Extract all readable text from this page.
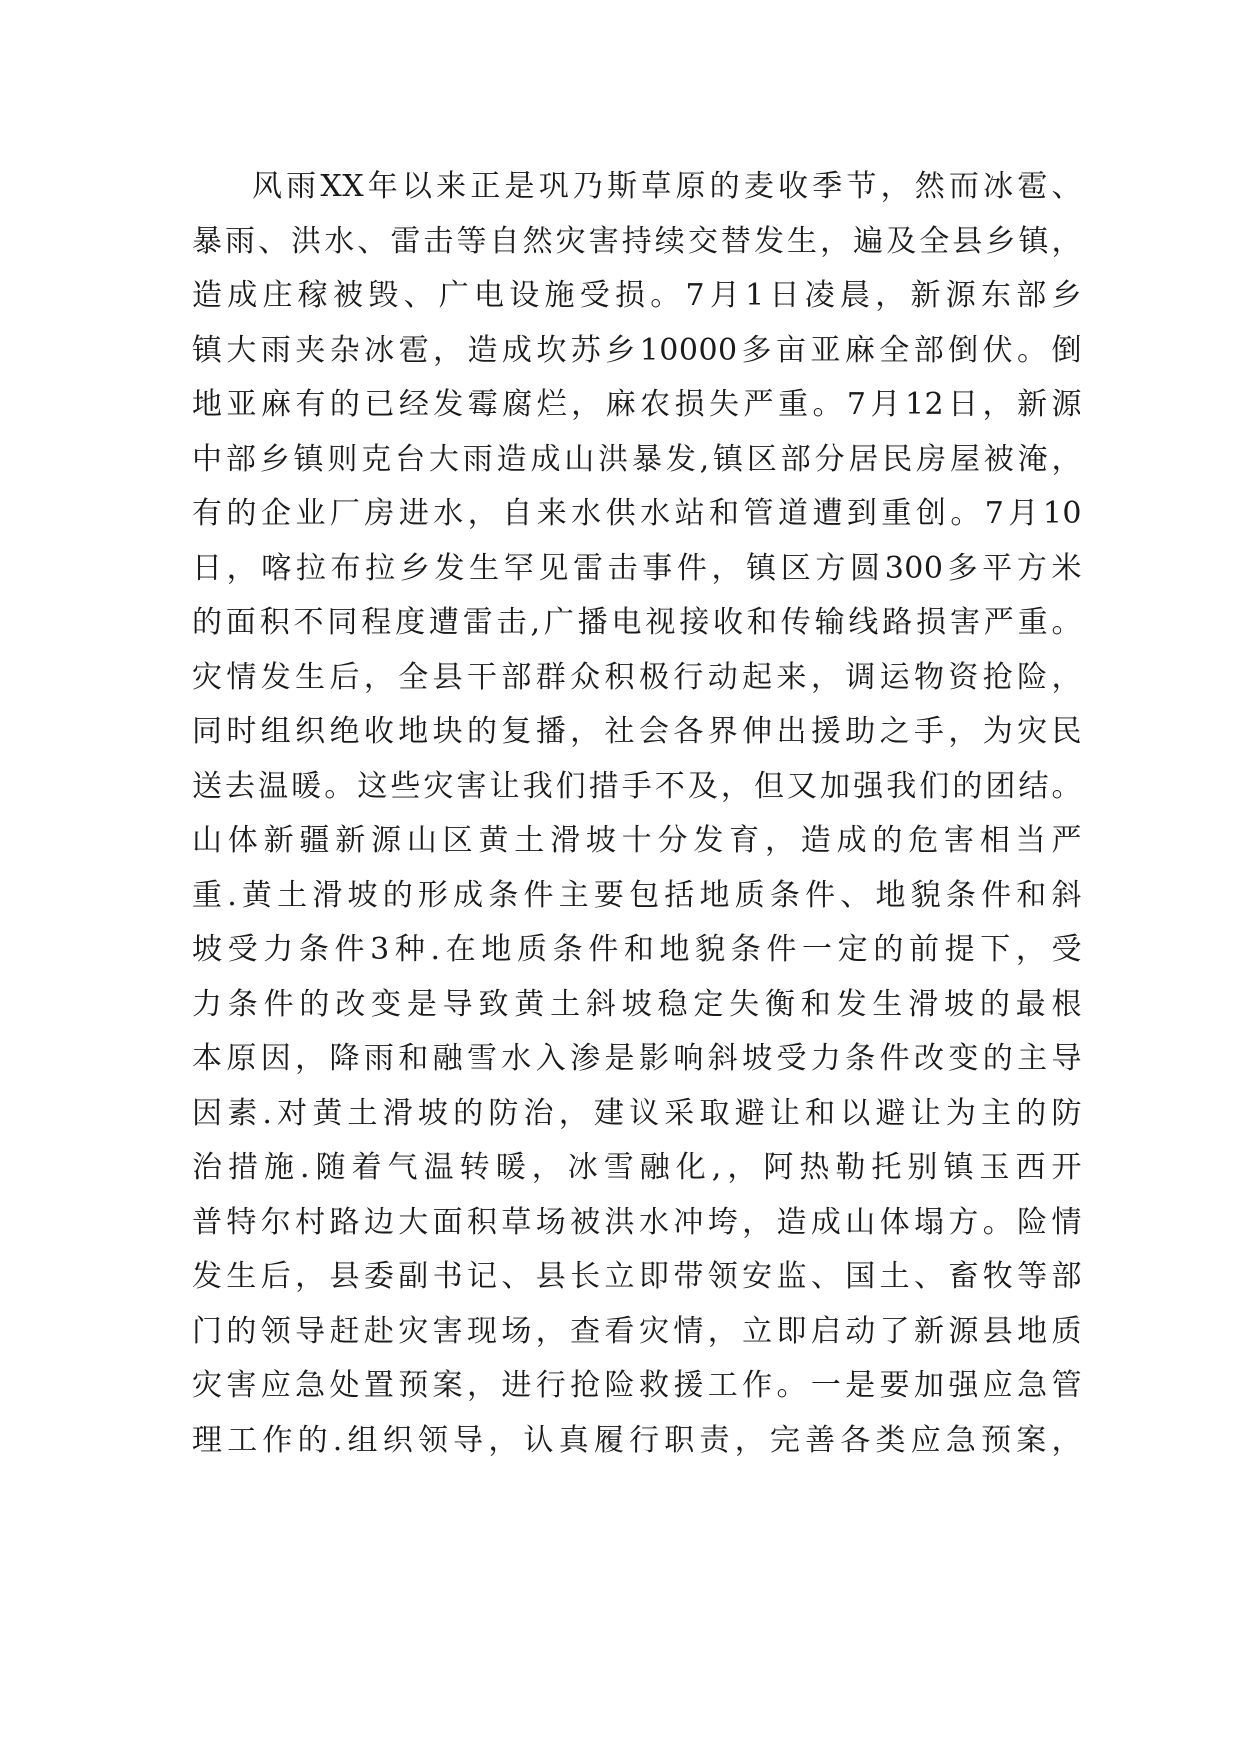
风雨XX年以来正是巩乃斯草原的麦收季节，然而冰雹、
暴雨、洪水、雷击等自然灾害持续交替发生，遍及全县乡镇，
造成庄稼被毁、广电设施受损。7月1日凌晨，新源东部乡
镇大雨夹杂冰雹，造成坎苏乡10000多亩亚麻全部倒伏。倒
地亚麻有的已经发霉腐烂，麻农损失严重。7月12日，新源
中部乡镇则克台大雨造成山洪暴发,镇区部分居民房屋被淹，
有的企业厂房进水，自来水供水站和管道遭到重创。7月10
日，喀拉布拉乡发生罕见雷击事件，镇区方圆300多平方米
的面积不同程度遭雷击,广播电视接收和传输线路损害严重。
灾情发生后，全县干部群众积极行动起来，调运物资抢险，
同时组织绝收地块的复播，社会各界伸出援助之手，为灾民
送去温暖。这些灾害让我们措手不及，但又加强我们的团结。
山体新疆新源山区黄土滑坡十分发育，造成的危害相当严
重.黄土滑坡的形成条件主要包括地质条件、地貌条件和斜
坡受力条件3种.在地质条件和地貌条件一定的前提下，受
力条件的改变是导致黄土斜坡稳定失衡和发生滑坡的最根
本原因，降雨和融雪水入渗是影响斜坡受力条件改变的主导
因素.对黄土滑坡的防治，建议采取避让和以避让为主的防
治措施.随着气温转暖，冰雪融化,，阿热勒托别镇玉西开
普特尔村路边大面积草场被洪水冲垮，造成山体塌方。险情
发生后，县委副书记、县长立即带领安监、国土、畜牧等部
门的领导赶赴灾害现场，查看灾情，立即启动了新源县地质
灾害应急处置预案，进行抢险救援工作。一是要加强应急管
理工作的.组织领导，认真履行职责，完善各类应急预案，
